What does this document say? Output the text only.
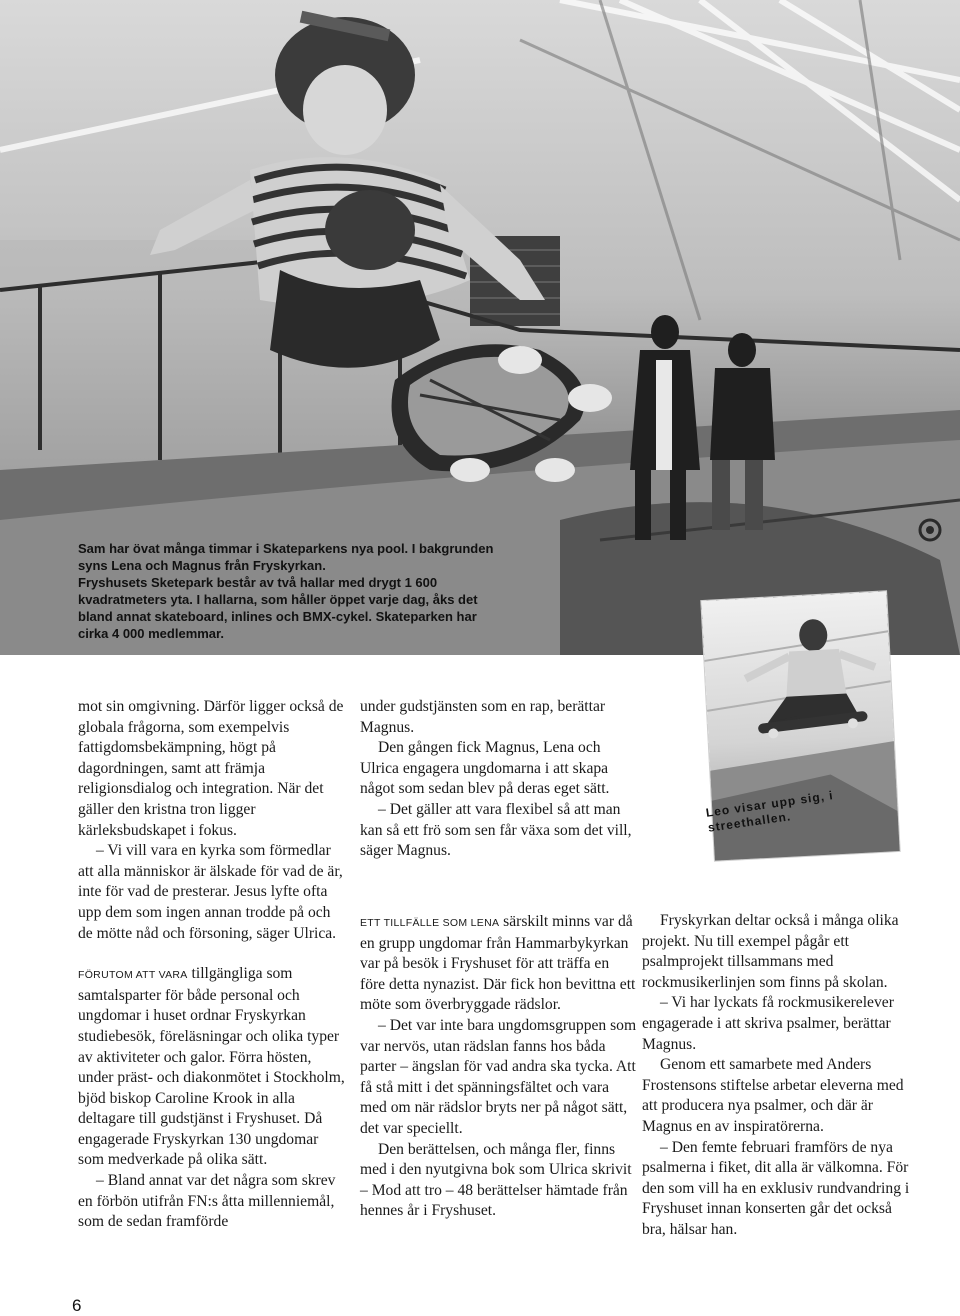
Sam har övat många timmar i Skateparkens nya pool. I bakgrunden syns Lena och Magnus från Fryskyrkan.

Fryshusets Sketepark består av två hallar med drygt 1 600 kvadratmeters yta. I hallarna, som håller öppet varje dag, åks det bland annat skateboard, inlines och BMX-cykel. Skateparken har cirka 4 000 medlemmar.

Leo visar upp sig, i streethallen.

mot sin omgivning. Därför ligger också de globala frågorna, som exempelvis fattigdomsbekämpning, högt på dagordningen, samt att främja religionsdialog och integration. När det gäller den kristna tron ligger kärleksbudskapet i fokus.

– Vi vill vara en kyrka som förmedlar att alla människor är älskade för vad de är, inte för vad de presterar. Jesus lyfte ofta upp dem som ingen annan trodde på och de mötte nåd och försoning, säger Ulrica.

FÖRUTOM ATT VARA tillgängliga som samtalsparter för både personal och ungdomar i huset ordnar Fryskyrkan studiebesök, föreläsningar och olika typer av aktiviteter och galor. Förra hösten, under präst- och diakonmötet i Stockholm, bjöd biskop Caroline Krook in alla deltagare till gudstjänst i Fryshuset. Då engagerade Fryskyrkan 130 ungdomar som medverkade på olika sätt.

– Bland annat var det några som skrev en förbön utifrån FN:s åtta millenniemål, som de sedan framförde

under gudstjänsten som en rap, berättar Magnus.

Den gången fick Magnus, Lena och Ulrica engagera ungdomarna i att skapa något som sedan blev på deras eget sätt.

– Det gäller att vara flexibel så att man kan så ett frö som sen får växa som det vill, säger Magnus.

ETT TILLFÄLLE SOM LENA särskilt minns var då en grupp ungdomar från Hammarbykyrkan var på besök i Fryshuset för att träffa en före detta nynazist. Där fick hon bevittna ett möte som överbryggade rädslor.

– Det var inte bara ungdomsgruppen som var nervös, utan rädslan fanns hos båda parter – ängslan för vad andra ska tycka. Att få stå mitt i det spänningsfältet och vara med om när rädslor bryts ner på något sätt, det var speciellt.

Den berättelsen, och många fler, finns med i den nyutgivna bok som Ulrica skrivit – Mod att tro – 48 berättelser hämtade från hennes år i Fryshuset.

Fryskyrkan deltar också i många olika projekt. Nu till exempel pågår ett psalmprojekt tillsammans med rockmusikerlinjen som finns på skolan.

– Vi har lyckats få rockmusikerelever engagerade i att skriva psalmer, berättar Magnus.

Genom ett samarbete med Anders Frostensons stiftelse arbetar eleverna med att producera nya psalmer, och där är Magnus en av inspiratörerna.

– Den femte februari framförs de nya psalmerna i fiket, dit alla är välkomna. För den som vill ha en exklusiv rundvandring i Fryshuset innan konserten går det också bra, hälsar han.

6
